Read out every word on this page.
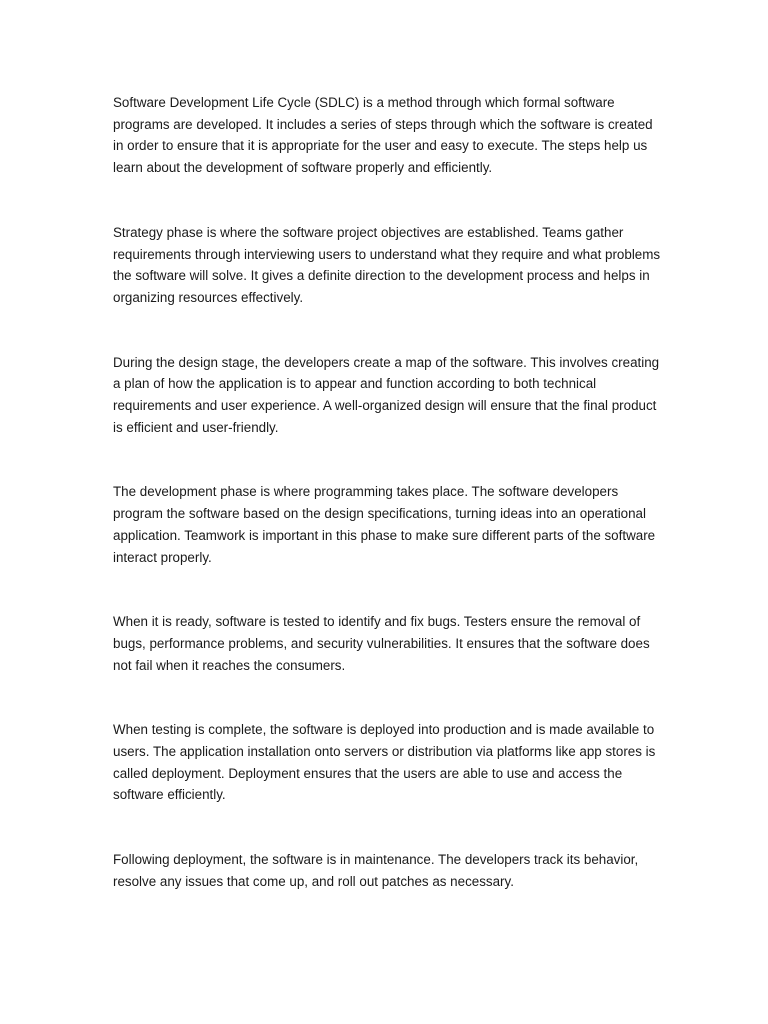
Software Development Life Cycle (SDLC) is a method through which formal software programs are developed. It includes a series of steps through which the software is created in order to ensure that it is appropriate for the user and easy to execute. The steps help us learn about the development of software properly and efficiently.

Strategy phase is where the software project objectives are established. Teams gather requirements through interviewing users to understand what they require and what problems the software will solve. It gives a definite direction to the development process and helps in organizing resources effectively.

During the design stage, the developers create a map of the software. This involves creating a plan of how the application is to appear and function according to both technical requirements and user experience. A well-organized design will ensure that the final product is efficient and user-friendly.

The development phase is where programming takes place. The software developers program the software based on the design specifications, turning ideas into an operational application. Teamwork is important in this phase to make sure different parts of the software interact properly.

When it is ready, software is tested to identify and fix bugs. Testers ensure the removal of bugs, performance problems, and security vulnerabilities. It ensures that the software does not fail when it reaches the consumers.

When testing is complete, the software is deployed into production and is made available to users. The application installation onto servers or distribution via platforms like app stores is called deployment. Deployment ensures that the users are able to use and access the software efficiently.

Following deployment, the software is in maintenance. The developers track its behavior, resolve any issues that come up, and roll out patches as necessary.
